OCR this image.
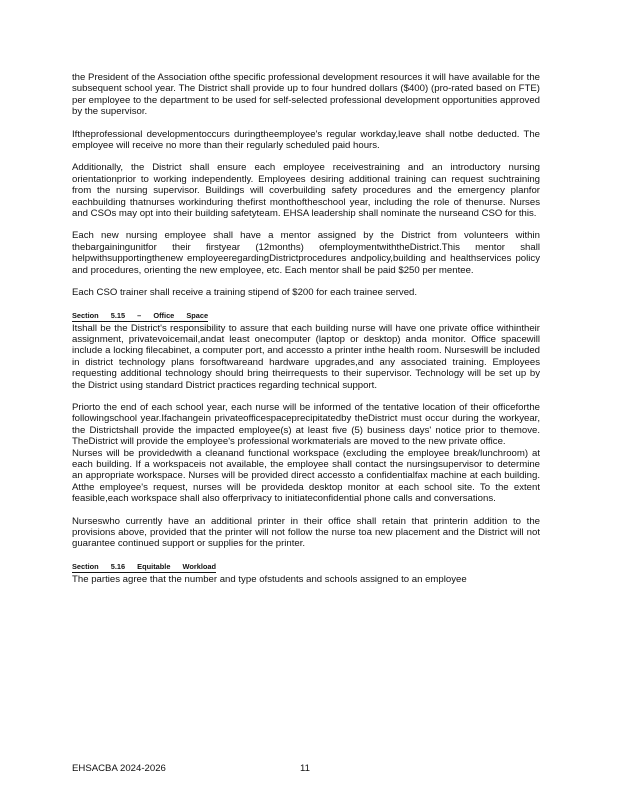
the President of the Association ofthe specific professional development resources it will have available for the subsequent school year. The District shall provide up to four hundred dollars ($400) (pro-rated based on FTE) per employee to the department to be used for self-selected professional development opportunities approved by the supervisor.

Iftheprofessional developmentoccurs duringtheemployee's regular workday,leave shall notbe deducted. The employee will receive no more than their regularly scheduled paid hours.

Additionally, the District shall ensure each employee receivestraining and an introductory nursing orientationprior to working independently. Employees desiring additional training can request suchtraining from the nursing supervisor. Buildings will coverbuilding safety procedures and the emergency planfor eachbuilding thatnurses workinduring thefirst monthoftheschool year, including the role of thenurse. Nurses and CSOs may opt into their building safetyteam. EHSA leadership shall nominate the nurseand CSO for this.

Each new nursing employee shall have a mentor assigned by the District from volunteers within thebargainingunitfor their firstyear (12months) ofemploymentwiththeDistrict.This mentor shall helpwithsupportingthenew employeeregardingDistrictprocedures andpolicy,building and healthservices policy and procedures, orienting the new employee, etc. Each mentor shall be paid $250 per mentee.

Each CSO trainer shall receive a training stipend of $200 for each trainee served.

Section 5.15 – Office Space

Itshall be the District's responsibility to assure that each building nurse will have one private office withintheir assignment, privatevoicemail,andat least onecomputer (laptop or desktop) anda monitor. Office spacewill include a locking filecabinet, a computer port, and accessto a printer inthe health room. Nurseswill be included in district technology plans forsoftwareand hardware upgrades,and any associated training. Employees requesting additional technology should bring theirrequests to their supervisor. Technology will be set up by the District using standard District practices regarding technical support.

Priorto the end of each school year, each nurse will be informed of the tentative location of their officeforthe followingschool year.Ifachangein privateofficespaceprecipitatedby theDistrict must occur during the workyear, the Districtshall provide the impacted employee(s) at least five (5) business days' notice prior to themove. TheDistrict will provide the employee's professional workmaterials are moved to the new private office.

Nurses will be providedwith a cleanand functional workspace (excluding the employee break/lunchroom) at each building. If a workspaceis not available, the employee shall contact the nursingsupervisor to determine an appropriate workspace. Nurses will be provided direct accessto a confidentialfax machine at each building. Atthe employee's request, nurses will be provideda desktop monitor at each school site. To the extent feasible,each workspace shall also offerprivacy to initiateconfidential phone calls and conversations.

Nurseswho currently have an additional printer in their office shall retain that printerin addition to the provisions above, provided that the printer will not follow the nurse toa new placement and the District will not guarantee continued support or supplies for the printer.

Section 5.16 Equitable Workload

The parties agree that the number and type ofstudents and schools assigned to an employee

EHSACBA 2024-2026	11
